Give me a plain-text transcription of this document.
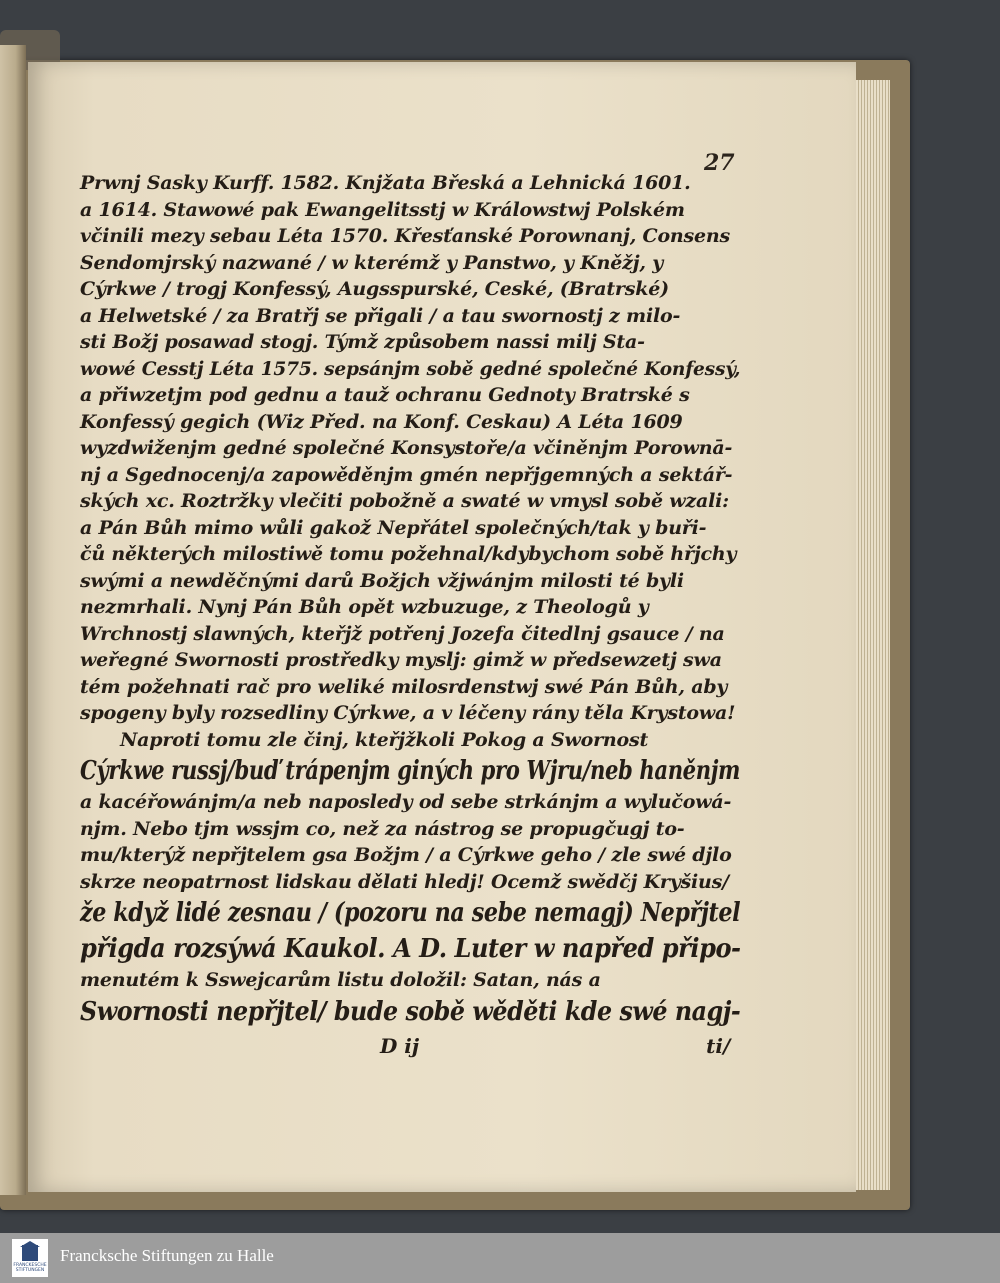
27
Prwnj Sasky Kurff. 1582. Knjžata Břeská a Lehnická 1601.
a 1614. Stawowé pak Ewangelitsstj w Králowstwj Polském
včinili mezy sebau Léta 1570. Křesťanské Porownanj, Consens
Sendomjrský nazwané / w kterémž y Panstwo, y Kněžj, y
Cýrkwe / trogj Konfessý, Augsspurské, Ceské, (Bratrské)
a Helwetské / za Bratřj se přigali / a tau swornostj z milo-
sti Božj posawad stogj. Týmž způsobem nassi milj Sta-
wowé Cesstj Léta 1575. sepsánjm sobě gedné společné Konfessý,
a přiwzetjm pod gednu a tauž ochranu Gednoty Bratrské s
Konfessý gegich (Wiz Před. na Konf. Ceskau) A Léta 1609
wyzdwiženjm gedné společné Konsystoře/a včiněnjm Porownā-
nj a Sgednocenj/a zapowěděnjm gmén nepřjgemných a sektář-
ských xc. Roztržky vlečiti pobožně a swaté w vmysl sobě wzali:
a Pán Bůh mimo wůli gakož Nepřátel společných/tak y buři-
čů některých milostiwě tomu požehnal/kdybychom sobě hřjchy
swými a newděčnými darů Božjch vžjwánjm milosti té byli
nezmrhali. Nynj Pán Bůh opět wzbuzuge, z Theologů y
Wrchnostj slawných, kteřjž potřenj Jozefa čitedlnj gsauce / na
weřegné Swornosti prostředky myslj: gimž w předsewzetj swa
tém požehnati rač pro weliké milosrdenstwj swé Pán Bůh, aby
spogeny byly rozsedliny Cýrkwe, a v léčeny rány těla Krystowa!
Naproti tomu zle činj, kteřjžkoli Pokog a Swornost
Cýrkwe russj/buď trápenjm giných pro Wjru/neb haněnjm
a kacéřowánjm/a neb naposledy od sebe strkánjm a wylučowá-
njm. Nebo tjm wssjm co, než za nástrog se propugčugj to-
mu/kterýž nepřjtelem gsa Božjm / a Cýrkwe geho / zle swé djlo
skrze neopatrnost lidskau dělati hledj! Ocemž swědčj Kryšius/
že když lidé zesnau / (pozoru na sebe nemagj) Nepřjtel
přigda rozsýwá Kaukol. A D. Luter w napřed připo-
menutém k Sswejcarům listu doložil: Satan, nás a
Swornosti nepřjtel/ bude sobě wěděti kde swé nagj-
D ij	ti/
FRANCKESCHE STIFTUNGEN
Francksche Stiftungen zu Halle
